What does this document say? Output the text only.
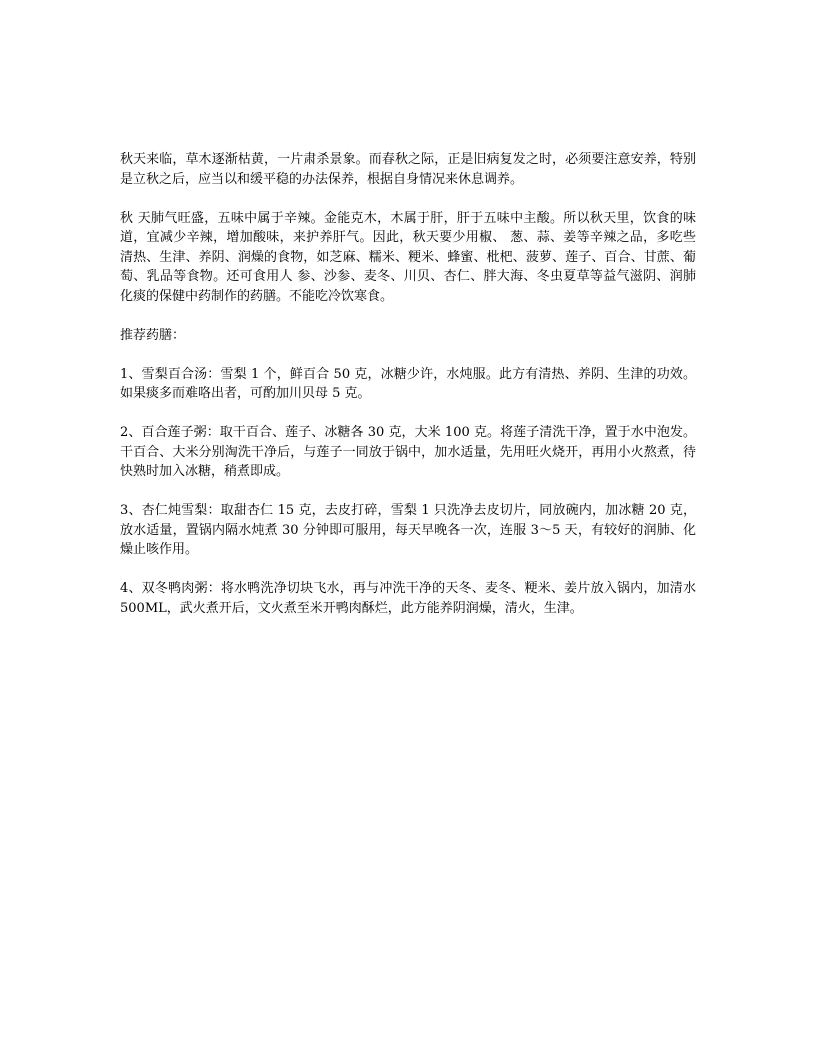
秋天来临，草木逐渐枯黄，一片肃杀景象。而春秋之际，正是旧病复发之时，必须要注意安养，特别是立秋之后，应当以和缓平稳的办法保养，根据自身情况来休息调养。

秋 天肺气旺盛，五味中属于辛辣。金能克木，木属于肝，肝于五味中主酸。所以秋天里，饮食的味道，宜减少辛辣，增加酸味，来护养肝气。因此，秋天要少用椒、 葱、蒜、姜等辛辣之品，多吃些清热、生津、养阴、润燥的食物，如芝麻、糯米、粳米、蜂蜜、枇杷、菠萝、莲子、百合、甘蔗、葡萄、乳品等食物。还可食用人 参、沙参、麦冬、川贝、杏仁、胖大海、冬虫夏草等益气滋阴、润肺化痰的保健中药制作的药膳。不能吃冷饮寒食。

推荐药膳：

1、雪梨百合汤：雪梨 1 个，鲜百合 50 克，冰糖少许，水炖服。此方有清热、养阴、生津的功效。如果痰多而难咯出者，可酌加川贝母 5 克。

2、百合莲子粥：取干百合、莲子、冰糖各 30 克，大米 100 克。将莲子清洗干净，置于水中泡发。干百合、大米分别淘洗干净后，与莲子一同放于锅中，加水适量，先用旺火烧开，再用小火熬煮，待快熟时加入冰糖，稍煮即成。

3、杏仁炖雪梨：取甜杏仁 15 克，去皮打碎，雪梨 1 只洗净去皮切片，同放碗内，加冰糖 20 克，放水适量，置锅内隔水炖煮 30 分钟即可服用，每天早晚各一次，连服 3～5 天，有较好的润肺、化燥止咳作用。

4、双冬鸭肉粥：将水鸭洗净切块飞水，再与冲洗干净的天冬、麦冬、粳米、姜片放入锅内，加清水 500ML，武火煮开后，文火煮至米开鸭肉酥烂，此方能养阴润燥，清火，生津。
